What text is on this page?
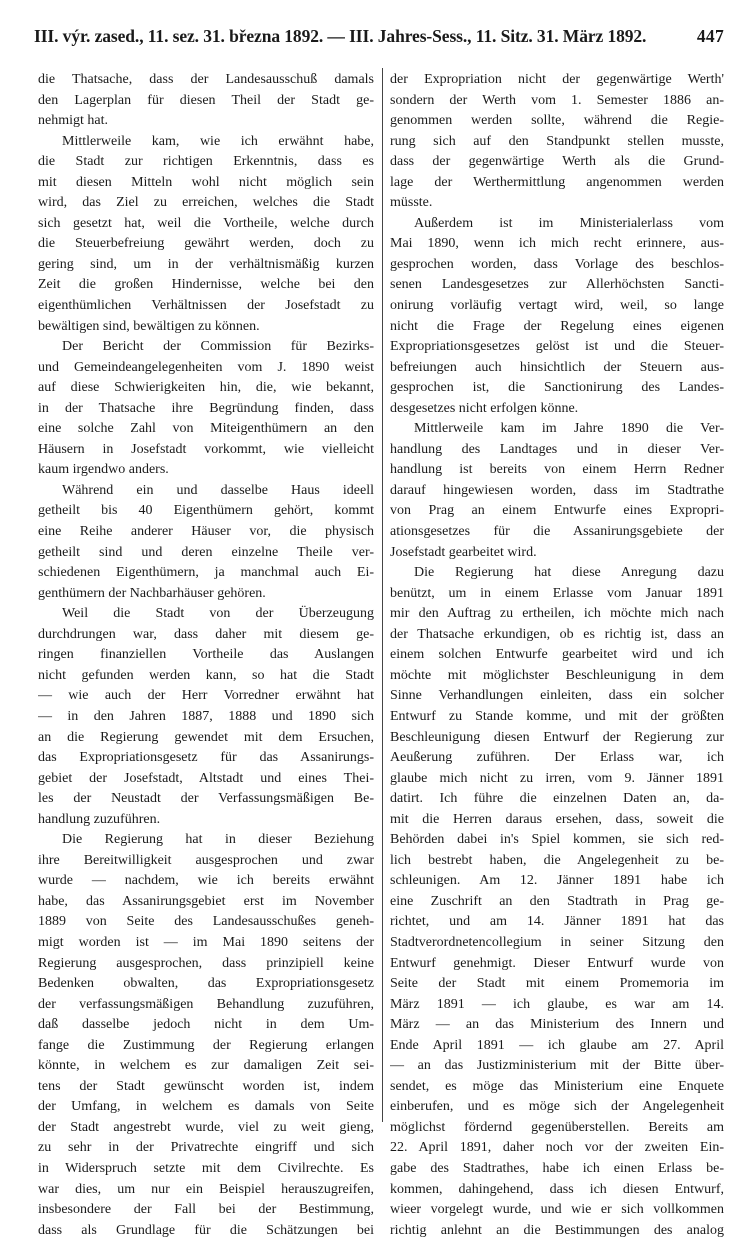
III. výr. zased., 11. sez. 31. března 1892. — III. Jahres-Sess., 11. Sitz. 31. März 1892.	447
die Thatsache, dass der Landesausschuß damals
den Lagerplan für diesen Theil der Stadt ge-
nehmigt hat.
Mittlerweile kam, wie ich erwähnt habe,
die Stadt zur richtigen Erkenntnis, dass es
mit diesen Mitteln wohl nicht möglich sein
wird, das Ziel zu erreichen, welches die Stadt
sich gesetzt hat, weil die Vortheile, welche durch
die Steuerbefreiung gewährt werden, doch zu
gering sind, um in der verhältnismäßig kurzen
Zeit die großen Hindernisse, welche bei den
eigenthümlichen Verhältnissen der Josefstadt zu
bewältigen sind, bewältigen zu können.
Der Bericht der Commission für Bezirks-
und Gemeindeangelegenheiten vom J. 1890 weist
auf diese Schwierigkeiten hin, die, wie bekannt,
in der Thatsache ihre Begründung finden, dass
eine solche Zahl von Miteigenthümern an den
Häusern in Josefstadt vorkommt, wie vielleicht
kaum irgendwo anders.
Während ein und dasselbe Haus ideell
getheilt bis 40 Eigenthümern gehört, kommt
eine Reihe anderer Häuser vor, die physisch
getheilt sind und deren einzelne Theile ver-
schiedenen Eigenthümern, ja manchmal auch Ei-
genthümern der Nachbarhäuser gehören.
Weil die Stadt von der Überzeugung
durchdrungen war, dass daher mit diesem ge-
ringen finanziellen Vortheile das Auslangen
nicht gefunden werden kann, so hat die Stadt
— wie auch der Herr Vorredner erwähnt hat
— in den Jahren 1887, 1888 und 1890 sich
an die Regierung gewendet mit dem Ersuchen,
das Expropriationsgesetz für das Assanirungs-
gebiet der Josefstadt, Altstadt und eines Thei-
les der Neustadt der Verfassungsmäßigen Be-
handlung zuzuführen.
Die Regierung hat in dieser Beziehung
ihre Bereitwilligkeit ausgesprochen und zwar
wurde — nachdem, wie ich bereits erwähnt
habe, das Assanirungsgebiet erst im November
1889 von Seite des Landesausschußes geneh-
migt worden ist — im Mai 1890 seitens der
Regierung ausgesprochen, dass prinzipiell keine
Bedenken obwalten, das Expropriationsgesetz
der verfassungsmäßigen Behandlung zuzuführen,
daß dasselbe jedoch nicht in dem Um-
fange die Zustimmung der Regierung erlangen
könnte, in welchem es zur damaligen Zeit sei-
tens der Stadt gewünscht worden ist, indem
der Umfang, in welchem es damals von Seite
der Stadt angestrebt wurde, viel zu weit gieng,
zu sehr in der Privatrechte eingriff und sich
in Widerspruch setzte mit dem Civilrechte. Es
war dies, um nur ein Beispiel herauszugreifen,
insbesondere der Fall bei der Bestimmung,
dass als Grundlage für die Schätzungen bei
der Expropriation nicht der gegenwärtige Werth'
sondern der Werth vom 1. Semester 1886 an-
genommen werden sollte, während die Regie-
rung sich auf den Standpunkt stellen musste,
dass der gegenwärtige Werth als die Grund-
lage der Werthermittlung angenommen werden
müsste.
Außerdem ist im Ministerialerlass vom
Mai 1890, wenn ich mich recht erinnere, aus-
gesprochen worden, dass Vorlage des beschlos-
senen Landesgesetzes zur Allerhöchsten Sancti-
onirung vorläufig vertagt wird, weil, so lange
nicht die Frage der Regelung eines eigenen
Expropriationsgesetzes gelöst ist und die Steuer-
befreiungen auch hinsichtlich der Steuern aus-
gesprochen ist, die Sanctionirung des Landes-
desgesetzes nicht erfolgen könne.
Mittlerweile kam im Jahre 1890 die Ver-
handlung des Landtages und in dieser Ver-
handlung ist bereits von einem Herrn Redner
darauf hingewiesen worden, dass im Stadtrathe
von Prag an einem Entwurfe eines Expropri-
ationsgesetzes für die Assanirungsgebiete der
Josefstadt gearbeitet wird.
Die Regierung hat diese Anregung dazu
benützt, um in einem Erlasse vom Januar 1891
mir den Auftrag zu ertheilen, ich möchte mich nach
der Thatsache erkundigen, ob es richtig ist, dass an
einem solchen Entwurfe gearbeitet wird und ich
möchte mit möglichster Beschleunigung in dem
Sinne Verhandlungen einleiten, dass ein solcher
Entwurf zu Stande komme, und mit der größten
Beschleunigung diesen Entwurf der Regierung zur
Aeußerung zuführen. Der Erlass war, ich
glaube mich nicht zu irren, vom 9. Jänner 1891
datirt. Ich führe die einzelnen Daten an, da-
mit die Herren daraus ersehen, dass, soweit die
Behörden dabei in's Spiel kommen, sie sich red-
lich bestrebt haben, die Angelegenheit zu be-
schleunigen. Am 12. Jänner 1891 habe ich
eine Zuschrift an den Stadtrath in Prag ge-
richtet, und am 14. Jänner 1891 hat das
Stadtverordnetencollegium in seiner Sitzung den
Entwurf genehmigt. Dieser Entwurf wurde von
Seite der Stadt mit einem Promemoria im
März 1891 — ich glaube, es war am 14.
März — an das Ministerium des Innern und
Ende April 1891 — ich glaube am 27. April
— an das Justizministerium mit der Bitte über-
sendet, es möge das Ministerium eine Enquete
einberufen, und es möge sich der Angelegenheit
möglichst fördernd gegenüberstellen. Bereits am
22. April 1891, daher noch vor der zweiten Ein-
gabe des Stadtrathes, habe ich einen Erlass be-
kommen, dahingehend, dass ich diesen Entwurf,
wieer vorgelegt wurde, und wie er sich vollkommen
richtig anlehnt an die Bestimmungen des analog
